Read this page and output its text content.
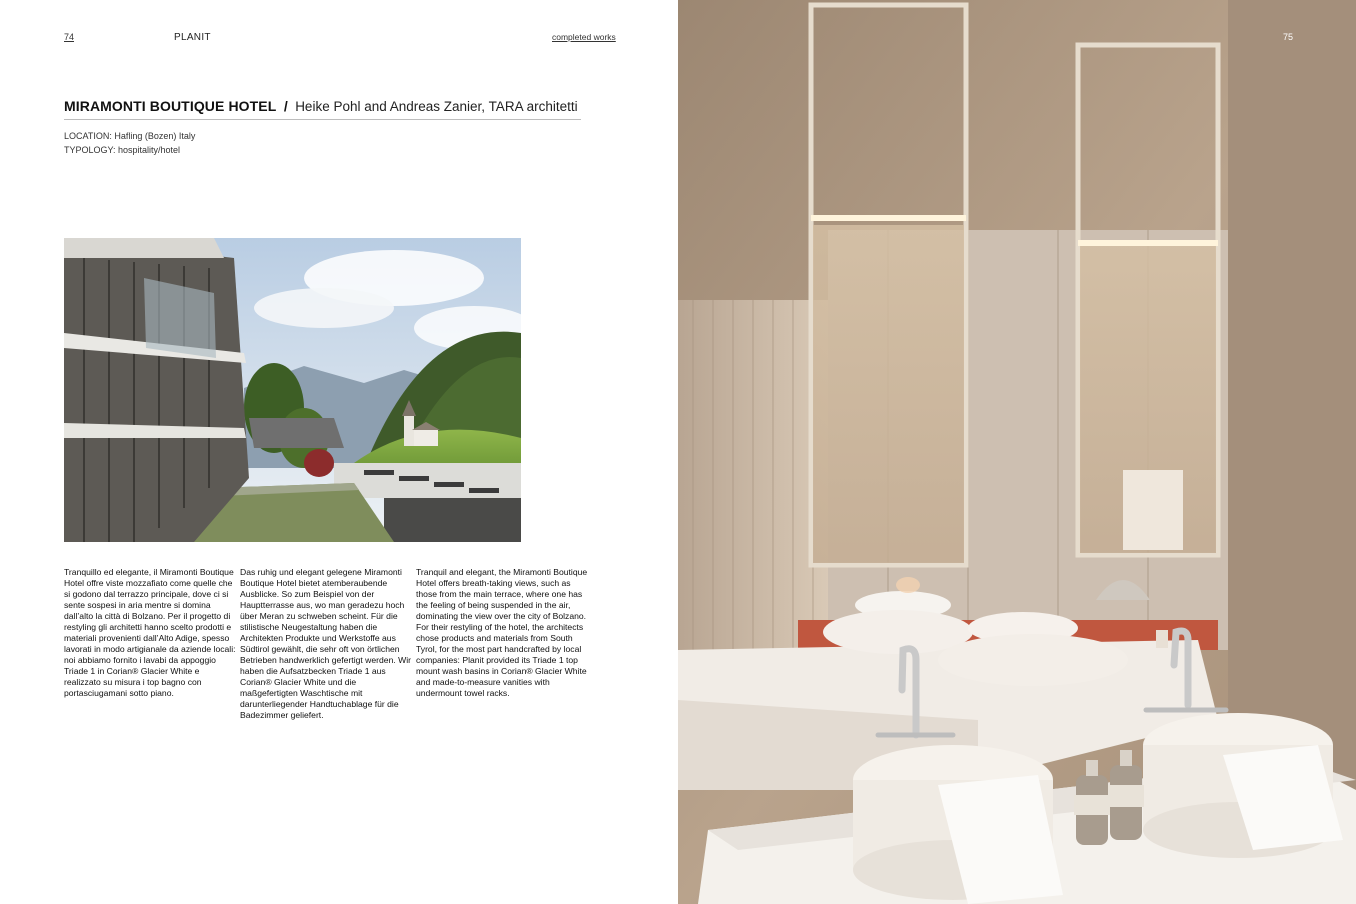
74	PLANIT	completed works
MIRAMONTI BOUTIQUE HOTEL / Heike Pohl and Andreas Zanier, TARA architetti
LOCATION: Hafling (Bozen) Italy
TYPOLOGY: hospitality/hotel
Tranquillo ed elegante, il Miramonti Boutique Hotel offre viste mozzafiato come quelle che si godono dal terrazzo principale, dove ci si sente sospesi in aria mentre si domina dall’alto la città di Bolzano. Per il progetto di restyling gli architetti hanno scelto prodotti e materiali provenienti dall’Alto Adige, spesso lavorati in modo artigianale da aziende locali: noi abbiamo fornito i lavabi da appoggio Triade 1 in Corian® Glacier White e realizzato su misura i top bagno con portasciugamani sotto piano.
Das ruhig und elegant gelegene Miramonti Boutique Hotel bietet atemberaubende Ausblicke. So zum Beispiel von der Hauptterrasse aus, wo man geradezu hoch über Meran zu schweben scheint. Für die stilistische Neugestaltung haben die Architekten Produkte und Werkstoffe aus Südtirol gewählt, die sehr oft von örtlichen Betrieben handwerklich gefertigt werden. Wir haben die Aufsatzbecken Triade 1 aus Corian® Glacier White und die maßgefertigten Waschtische mit darunterliegender Handtuchablage für die Badezimmer geliefert.
Tranquil and elegant, the Miramonti Boutique Hotel offers breath-taking views, such as those from the main terrace, where one has the feeling of being suspended in the air, dominating the view over the city of Bolzano. For their restyling of the hotel, the architects chose products and materials from South Tyrol, for the most part handcrafted by local companies: Planit provided its Triade 1 top mount wash basins in Corian® Glacier White and made-to-measure vanities with undermount towel racks.
75
